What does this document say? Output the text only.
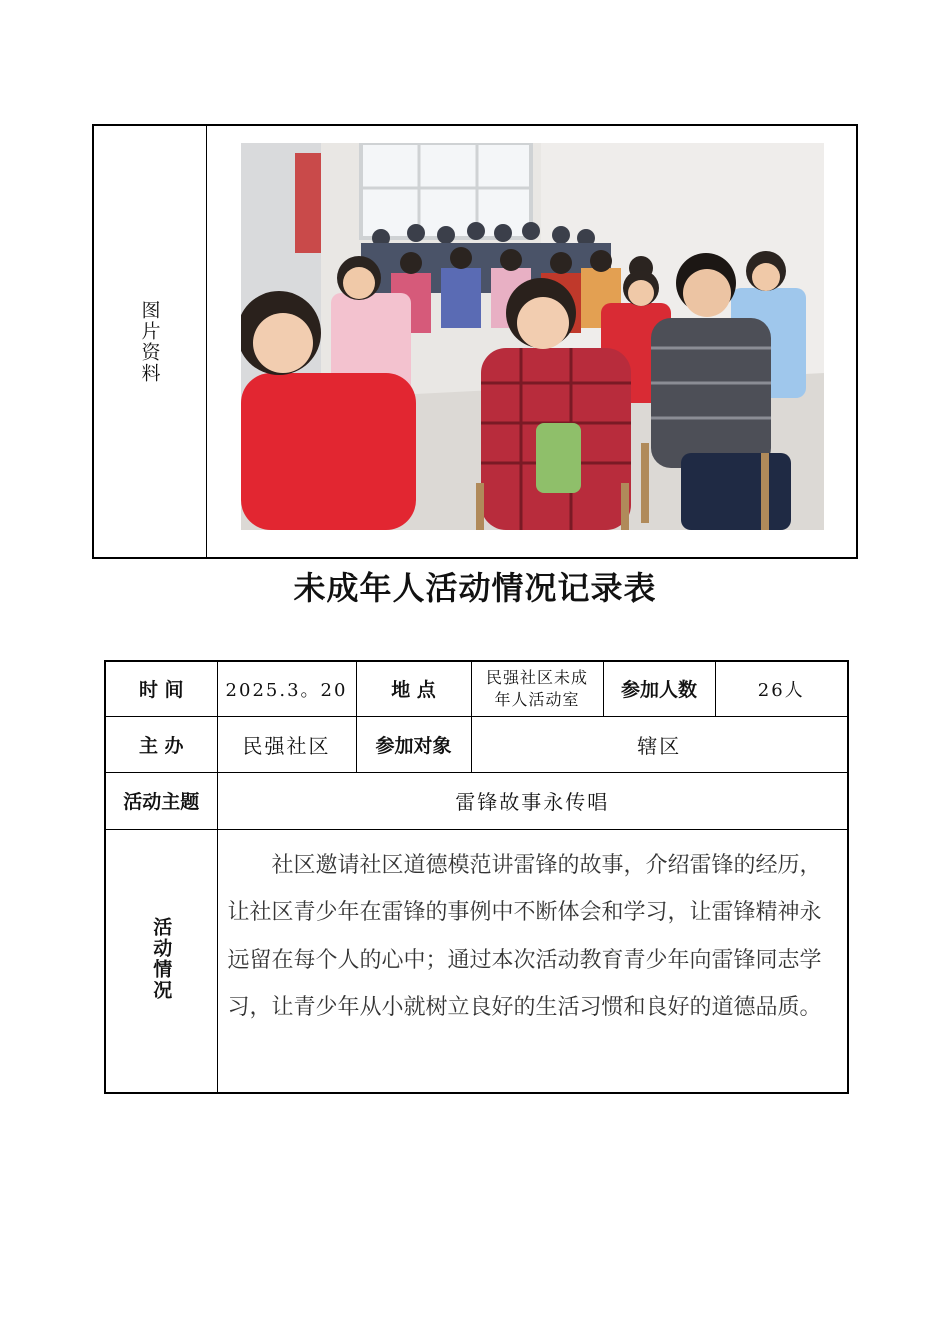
图片资料
未成年人活动情况记录表
时 间	2025.3。20	地 点	民强社区未成年人活动室	参加人数	26人
主 办	民强社区	参加对象	辖区		
活动主题	雷锋故事永传唱				
活动情况	社区邀请社区道德模范讲雷锋的故事，介绍雷锋的经历，让社区青少年在雷锋的事例中不断体会和学习，让雷锋精神永远留在每个人的心中；通过本次活动教育青少年向雷锋同志学习，让青少年从小就树立良好的生活习惯和良好的道德品质。				
